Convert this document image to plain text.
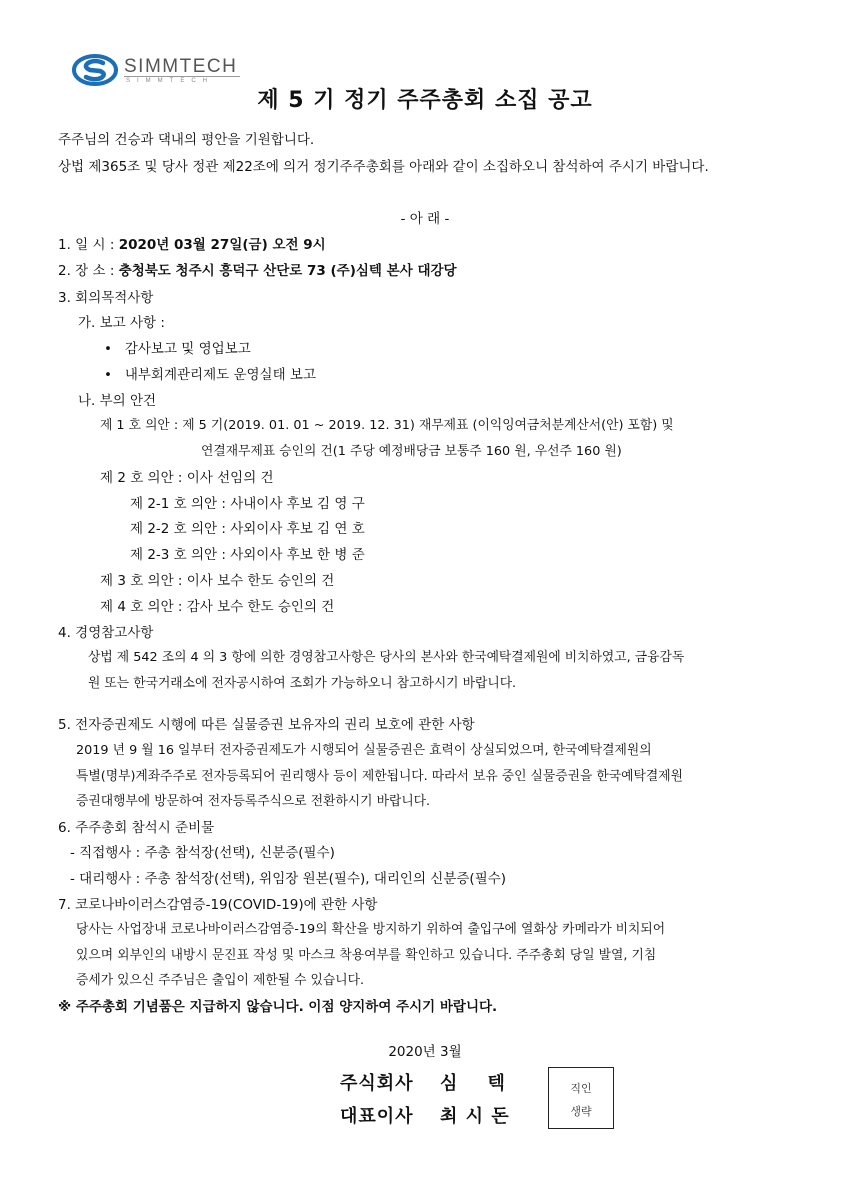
SIMMTECH
SIMMTECH
제 5 기 정기 주주총회 소집 공고
주주님의 건승과 댁내의 평안을 기원합니다.
상법 제365조 및 당사 정관 제22조에 의거 정기주주총회를 아래와 같이 소집하오니 참석하여 주시기 바랍니다.
- 아 래 -
1. 일 시 : 2020년 03월 27일(금) 오전 9시
2. 장 소 : 충청북도 청주시 흥덕구 산단로 73 (주)심텍 본사 대강당
3. 회의목적사항
가. 보고 사항 :
• 감사보고 및 영업보고
• 내부회계관리제도 운영실태 보고
나. 부의 안건
제 1 호 의안 : 제 5 기(2019. 01. 01 ~ 2019. 12. 31) 재무제표 (이익잉여금처분계산서(안) 포함) 및
연결재무제표 승인의 건(1 주당 예정배당금 보통주 160 원, 우선주 160 원)
제 2 호 의안 : 이사 선임의 건
제 2-1 호 의안 : 사내이사 후보 김 영 구
제 2-2 호 의안 : 사외이사 후보 김 연 호
제 2-3 호 의안 : 사외이사 후보 한 병 준
제 3 호 의안 : 이사 보수 한도 승인의 건
제 4 호 의안 : 감사 보수 한도 승인의 건
4. 경영참고사항
상법 제 542 조의 4 의 3 항에 의한 경영참고사항은 당사의 본사와 한국예탁결제원에 비치하였고, 금융감독
원 또는 한국거래소에 전자공시하여 조회가 가능하오니 참고하시기 바랍니다.
5. 전자증권제도 시행에 따른 실물증권 보유자의 권리 보호에 관한 사항
2019 년 9 월 16 일부터 전자증권제도가 시행되어 실물증권은 효력이 상실되었으며, 한국예탁결제원의
특별(명부)계좌주주로 전자등록되어 권리행사 등이 제한됩니다. 따라서 보유 중인 실물증권을 한국예탁결제원
증권대행부에 방문하여 전자등록주식으로 전환하시기 바랍니다.
6. 주주총회 참석시 준비물
- 직접행사 : 주총 참석장(선택), 신분증(필수)
- 대리행사 : 주총 참석장(선택), 위임장 원본(필수), 대리인의 신분증(필수)
7. 코로나바이러스감염증-19(COVID-19)에 관한 사항
당사는 사업장내 코로나바이러스감염증-19의 확산을 방지하기 위하여 출입구에 열화상 카메라가 비치되어
있으며 외부인의 내방시 문진표 작성 및 마스크 착용여부를 확인하고 있습니다. 주주총회 당일 발열, 기침
증세가 있으신 주주님은 출입이 제한될 수 있습니다.
※ 주주총회 기념품은 지급하지 않습니다. 이점 양지하여 주시기 바랍니다.
2020년 3월
주식회사 심    텍
대표이사 최 시 돈
직인
생략
